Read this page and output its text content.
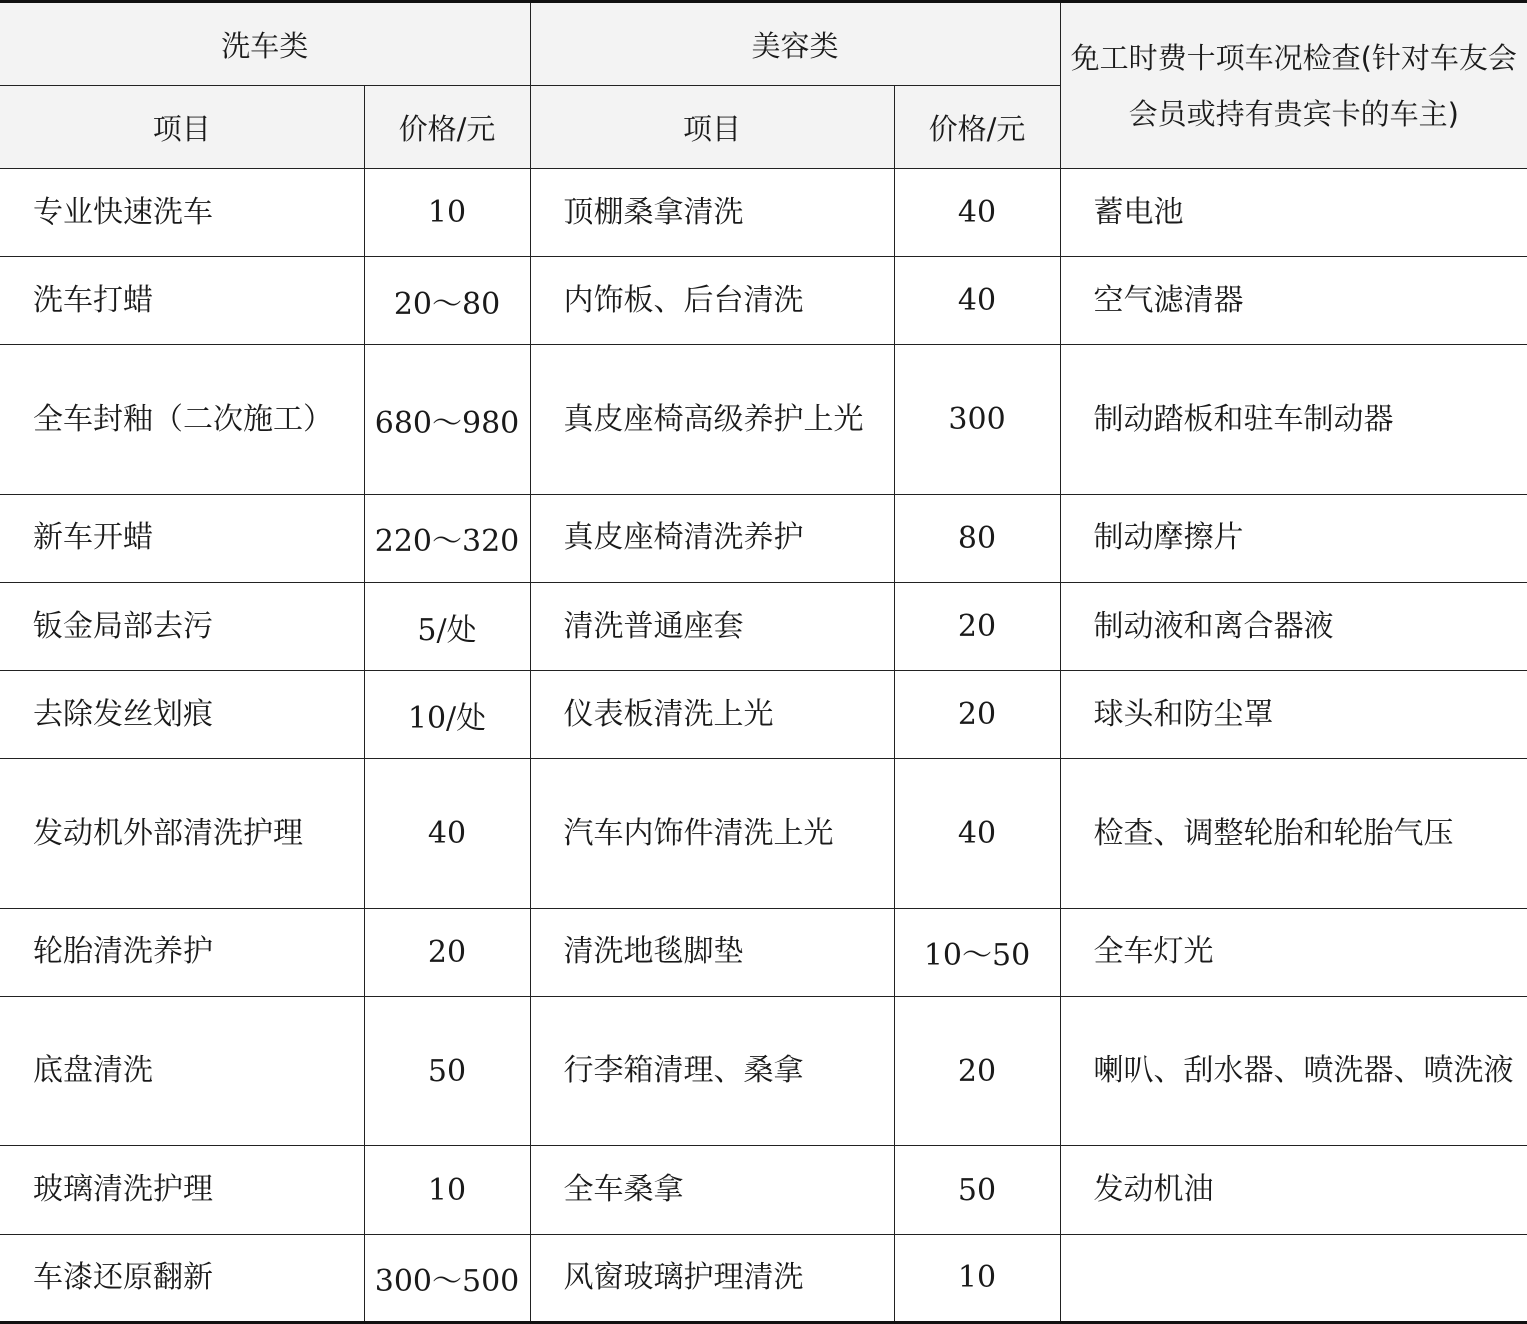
洗车类		美容类		免工时费十项车况检查(针对车友会会员或持有贵宾卡的车主)
项目	价格/元	项目	价格/元	
专业快速洗车	10	顶棚桑拿清洗	40	蓄电池
洗车打蜡	20～80	内饰板、后台清洗	40	空气滤清器
全车封釉（二次施工）	680～980	真皮座椅高级养护上光	300	制动踏板和驻车制动器
新车开蜡	220～320	真皮座椅清洗养护	80	制动摩擦片
钣金局部去污	5/处	清洗普通座套	20	制动液和离合器液
去除发丝划痕	10/处	仪表板清洗上光	20	球头和防尘罩
发动机外部清洗护理	40	汽车内饰件清洗上光	40	检查、调整轮胎和轮胎气压
轮胎清洗养护	20	清洗地毯脚垫	10～50	全车灯光
底盘清洗	50	行李箱清理、桑拿	20	喇叭、刮水器、喷洗器、喷洗液
玻璃清洗护理	10	全车桑拿	50	发动机油
车漆还原翻新	300～500	风窗玻璃护理清洗	10	
